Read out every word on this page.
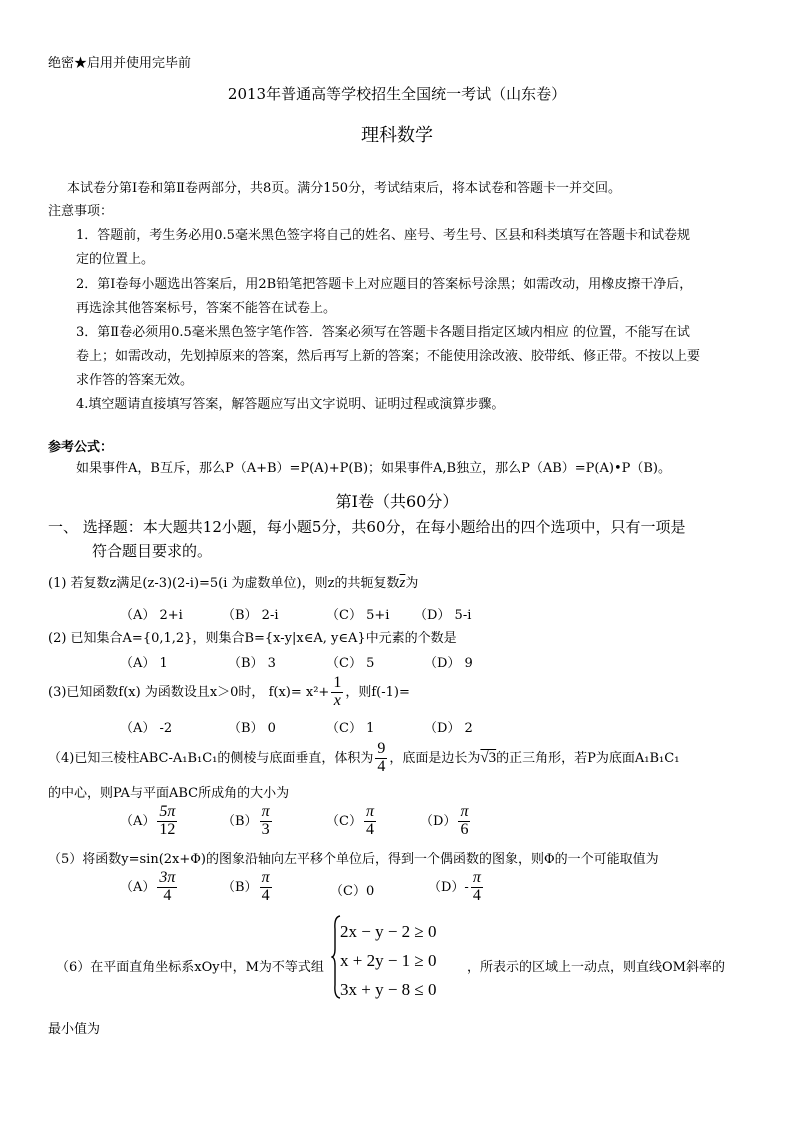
绝密★启用并使用完毕前
2013年普通高等学校招生全国统一考试（山东卷）
理科数学
本试卷分第Ⅰ卷和第Ⅱ卷两部分，共8页。满分150分，考试结束后，将本试卷和答题卡一并交回。
注意事项：
1．答题前，考生务必用0.5毫米黑色签字将自己的姓名、座号、考生号、区县和科类填写在答题卡和试卷规
定的位置上。
2．第Ⅰ卷每小题选出答案后，用2B铅笔把答题卡上对应题目的答案标号涂黑；如需改动，用橡皮擦干净后，
再选涂其他答案标号，答案不能答在试卷上。
3．第Ⅱ卷必须用0.5毫米黑色签字笔作答．答案必须写在答题卡各题目指定区域内相应 的位置，不能写在试
卷上；如需改动，先划掉原来的答案，然后再写上新的答案；不能使用涂改液、胶带纸、修正带。不按以上要
求作答的答案无效。
4.填空题请直接填写答案，解答题应写出文字说明、证明过程或演算步骤。
参考公式：
如果事件A，B互斥，那么P（A+B）=P(A)+P(B)；如果事件A,B独立，那么P（AB）=P(A)•P（B)。
第Ⅰ卷（共60分）
一、 选择题：本大题共12小题，每小题5分，共60分，在每小题给出的四个选项中，只有一项是
符合题目要求的。
(1) 若复数z满足(z-3)(2-i)=5(i 为虚数单位)，则z的共轭复数$\overline{z}$为
（A） 2+i	（B） 2-i	（C） 5+i （D） 5-i
(2) 已知集合A={0,1,2}，则集合B={x-y|x∈A, y∈A}中元素的个数是
（A） 1	（B） 3	（C） 5	（D） 9
(3)已知函数f(x) 为函数设且x＞0时， $f(x)= x^2+ \frac{1}{x}$ ，则f(-1)=
（A） -2	（B） 0	（C） 1	（D） 2
（4)已知三棱柱ABC-A₁B₁C₁的侧棱与底面垂直，体积为 $\frac{9}{4}$ ，底面是边长为√3的正三角形，若P为底面A₁B₁C₁
的中心，则PA与平面ABC所成角的大小为
$(A) \frac{5\pi}{12}$	$(B) \frac{\pi}{3}$	$(C) \frac{\pi}{4}$	$(D) \frac{\pi}{6}$
（5）将函数y=sin(2x+Φ)的图象沿轴向左平移个单位后，得到一个偶函数的图象，则Φ的一个可能取值为
$(A) \frac{3\pi}{4}$	$(B) \frac{\pi}{4}$	（C）0	$(D)- \frac{\pi}{4}$
（6）在平面直角坐标系xOy中，M为不等式组
2x − y − 2 ≥ 0
x + 2y − 1 ≥ 0
3x + y − 8 ≤ 0
，所表示的区域上一动点，则直线OM斜率的
最小值为
